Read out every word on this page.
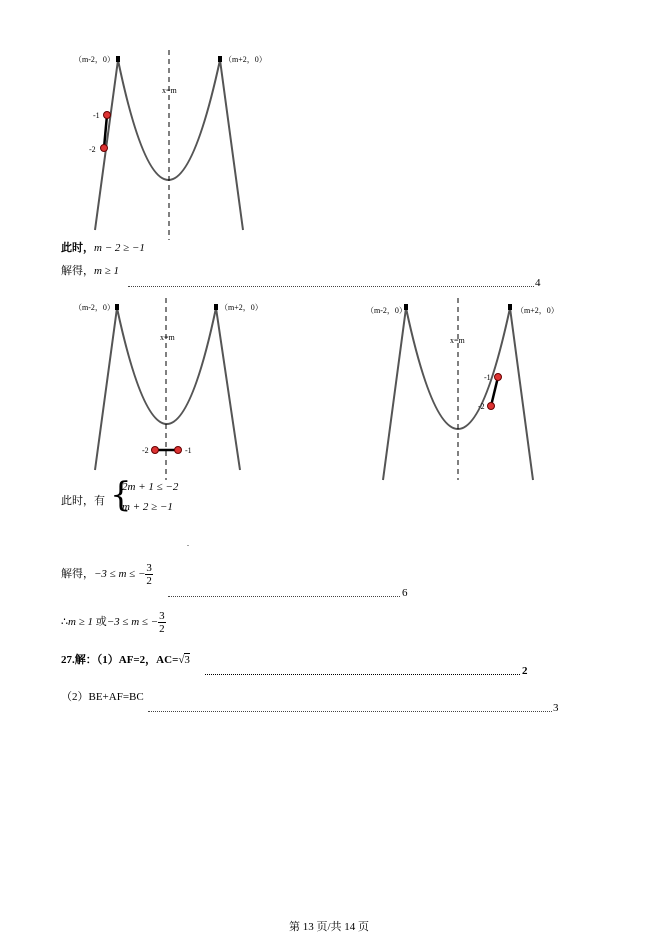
（m-2，0）	（m+2，0）
x=m
-1
-2
此时，m − 2 ≥ −1
解得，m ≥ 1
4
（m-2，0）	（m+2，0）
x=m
-2	-1
（m-2，0）	（m+2，0）
x=m
-1
-2
此时，有 {
2m + 1 ≤ −2
m + 2 ≥ −1
.
解得，−3 ≤ m ≤ − $\frac{3}{2}$
6
∴m ≥ 1 或−3 ≤ m ≤ − $\frac{3}{2}$
27.解：（1）AF=2，AC=√3
2
（2）BE+AF=BC
3
第 13 页/共 14 页
